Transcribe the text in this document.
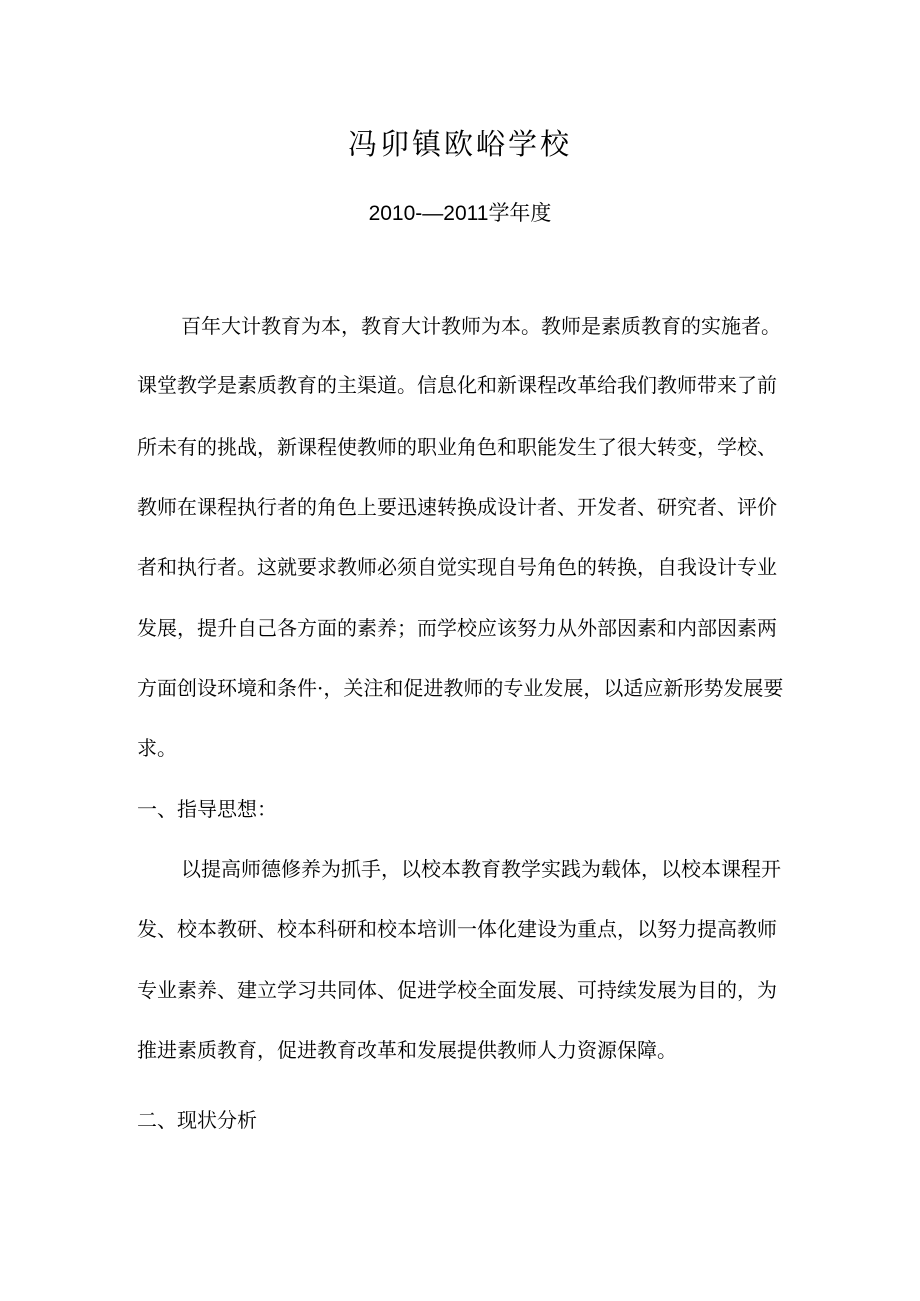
冯卯镇欧峪学校
2010-—2011学年度
百年大计教育为本，教育大计教师为本。教师是素质教育的实施者。
课堂教学是素质教育的主渠道。信息化和新课程改革给我们教师带来了前
所未有的挑战，新课程使教师的职业角色和职能发生了很大转变，学校、
教师在课程执行者的角色上要迅速转换成设计者、开发者、研究者、评价
者和执行者。这就要求教师必须自觉实现自号角色的转换，自我设计专业
发展，提升自己各方面的素养；而学校应该努力从外部因素和内部因素两
方面创设环境和条件·，关注和促进教师的专业发展，以适应新形势发展要
求。
一、指导思想：
以提高师德修养为抓手，以校本教育教学实践为载体，以校本课程开
发、校本教研、校本科研和校本培训一体化建设为重点，以努力提高教师
专业素养、建立学习共同体、促进学校全面发展、可持续发展为目的，为
推进素质教育，促进教育改革和发展提供教师人力资源保障。
二、现状分析
